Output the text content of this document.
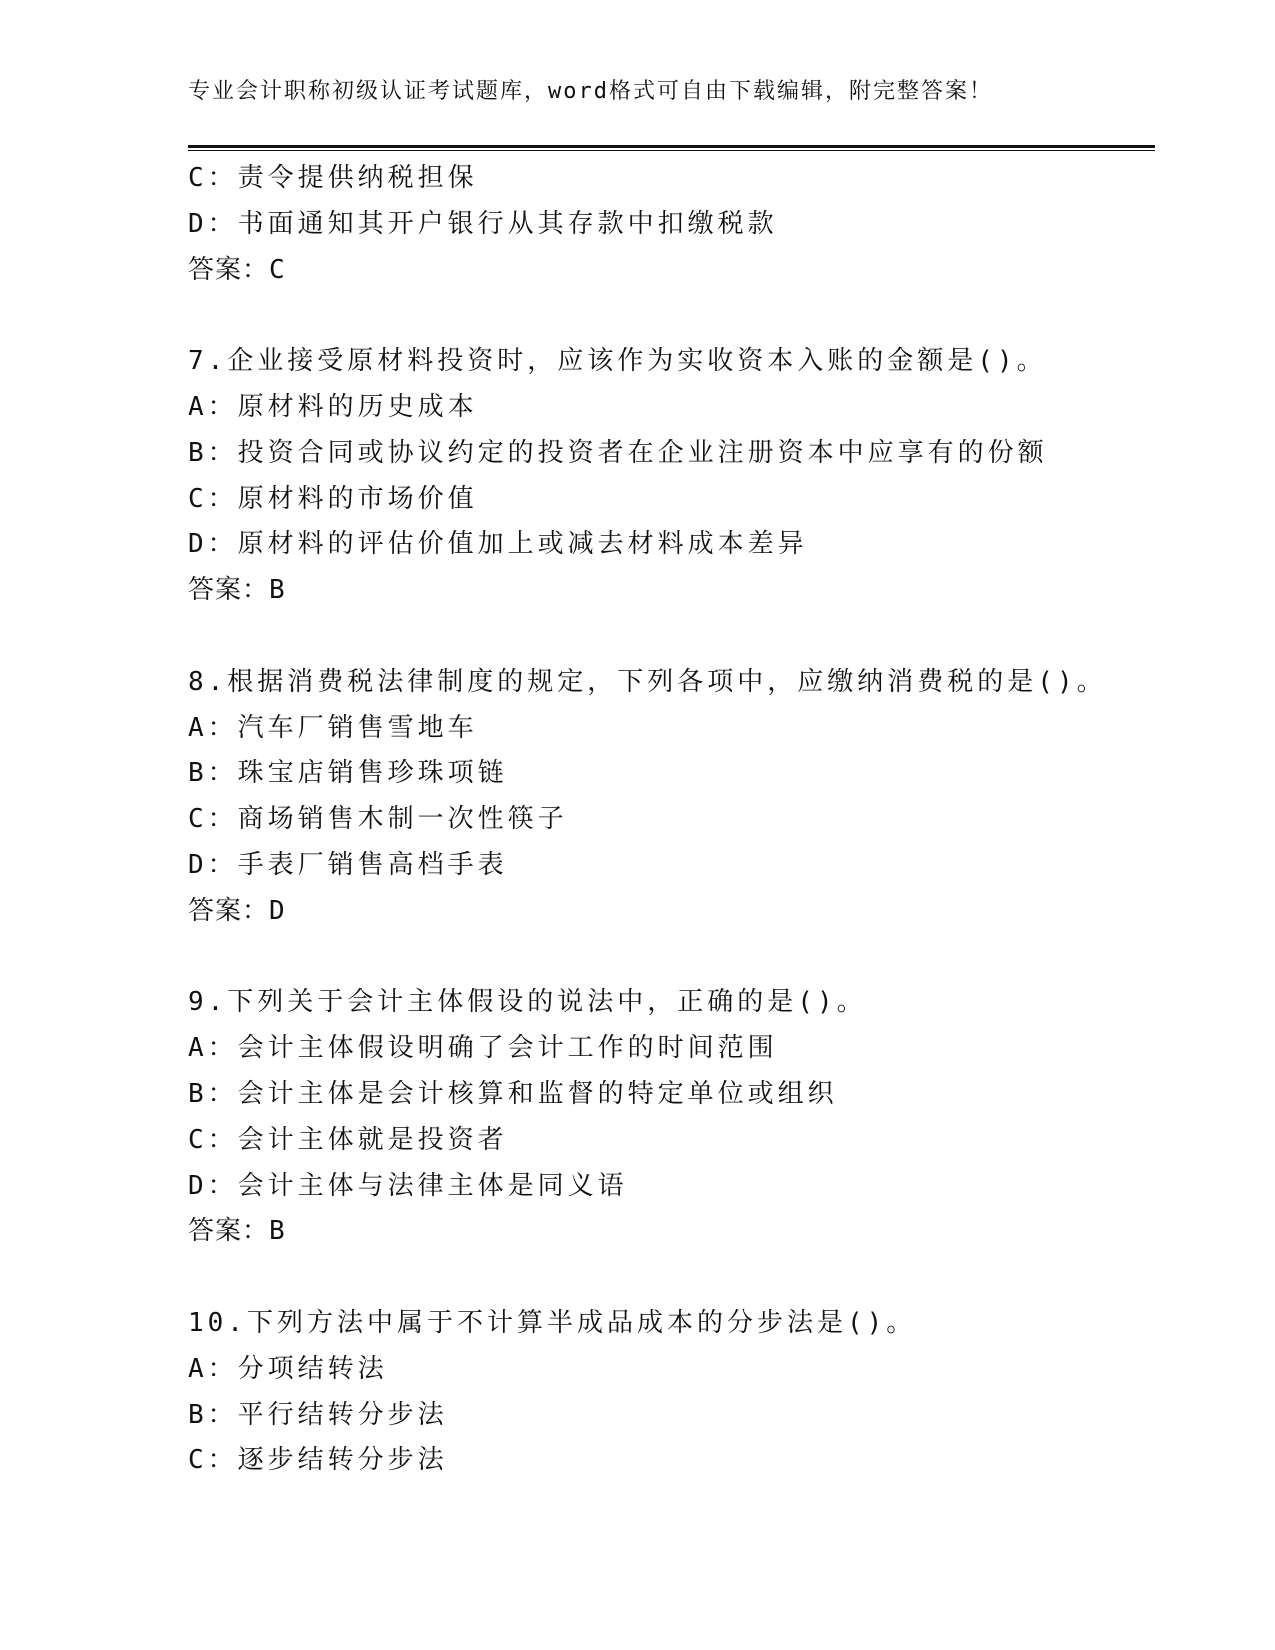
专业会计职称初级认证考试题库，word格式可自由下载编辑，附完整答案！
C：责令提供纳税担保
D：书面通知其开户银行从其存款中扣缴税款
答案：C
7.企业接受原材料投资时，应该作为实收资本入账的金额是()。
A：原材料的历史成本
B：投资合同或协议约定的投资者在企业注册资本中应享有的份额
C：原材料的市场价值
D：原材料的评估价值加上或减去材料成本差异
答案：B
8.根据消费税法律制度的规定，下列各项中，应缴纳消费税的是()。
A：汽车厂销售雪地车
B：珠宝店销售珍珠项链
C：商场销售木制一次性筷子
D：手表厂销售高档手表
答案：D
9.下列关于会计主体假设的说法中，正确的是()。
A：会计主体假设明确了会计工作的时间范围
B：会计主体是会计核算和监督的特定单位或组织
C：会计主体就是投资者
D：会计主体与法律主体是同义语
答案：B
10.下列方法中属于不计算半成品成本的分步法是()。
A：分项结转法
B：平行结转分步法
C：逐步结转分步法
